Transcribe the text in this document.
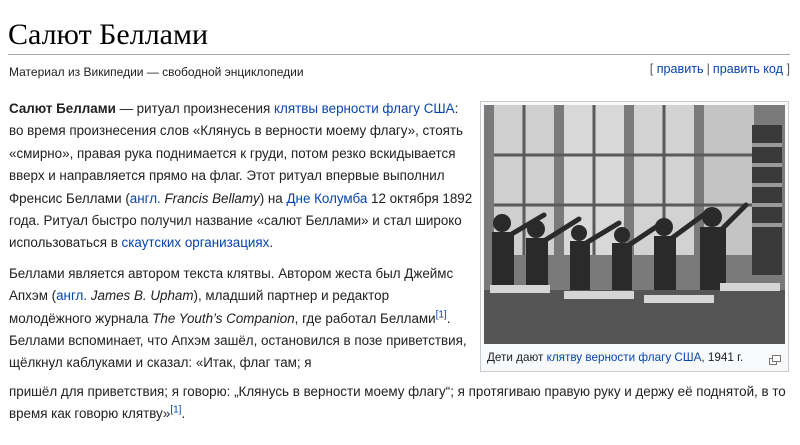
Салют Беллами
Материал из Википедии — свободной энциклопедии	[ править | править код ]

Салют Беллами — ритуал произнесения клятвы верности флагу США: во время произнесения слов «Клянусь в верности моему флагу», стоять «смирно», правая рука поднимается к груди, потом резко вскидывается вверх и направляется прямо на флаг. Этот ритуал впервые выполнил Френсис Беллами (англ. Francis Bellamy) на Дне Колумба 12 октября 1892 года. Ритуал быстро получил название «салют Беллами» и стал широко использоваться в скаутских организациях.

Беллами является автором текста клятвы. Автором жеста был Джеймс Апхэм (англ. James B. Upham), младший партнер и редактор молодёжного журнала The Youth’s Companion, где работал Беллами[1]. Беллами вспоминает, что Апхэм зашёл, остановился в позе приветствия, щёлкнул каблуками и сказал: «Итак, флаг там; я

пришёл для приветствия; я говорю: „Клянусь в верности моему флагу“; я протягиваю правую руку и держу её поднятой, в то время как говорю клятву»[1].
Дети дают клятву верности флагу США, 1941 г.
